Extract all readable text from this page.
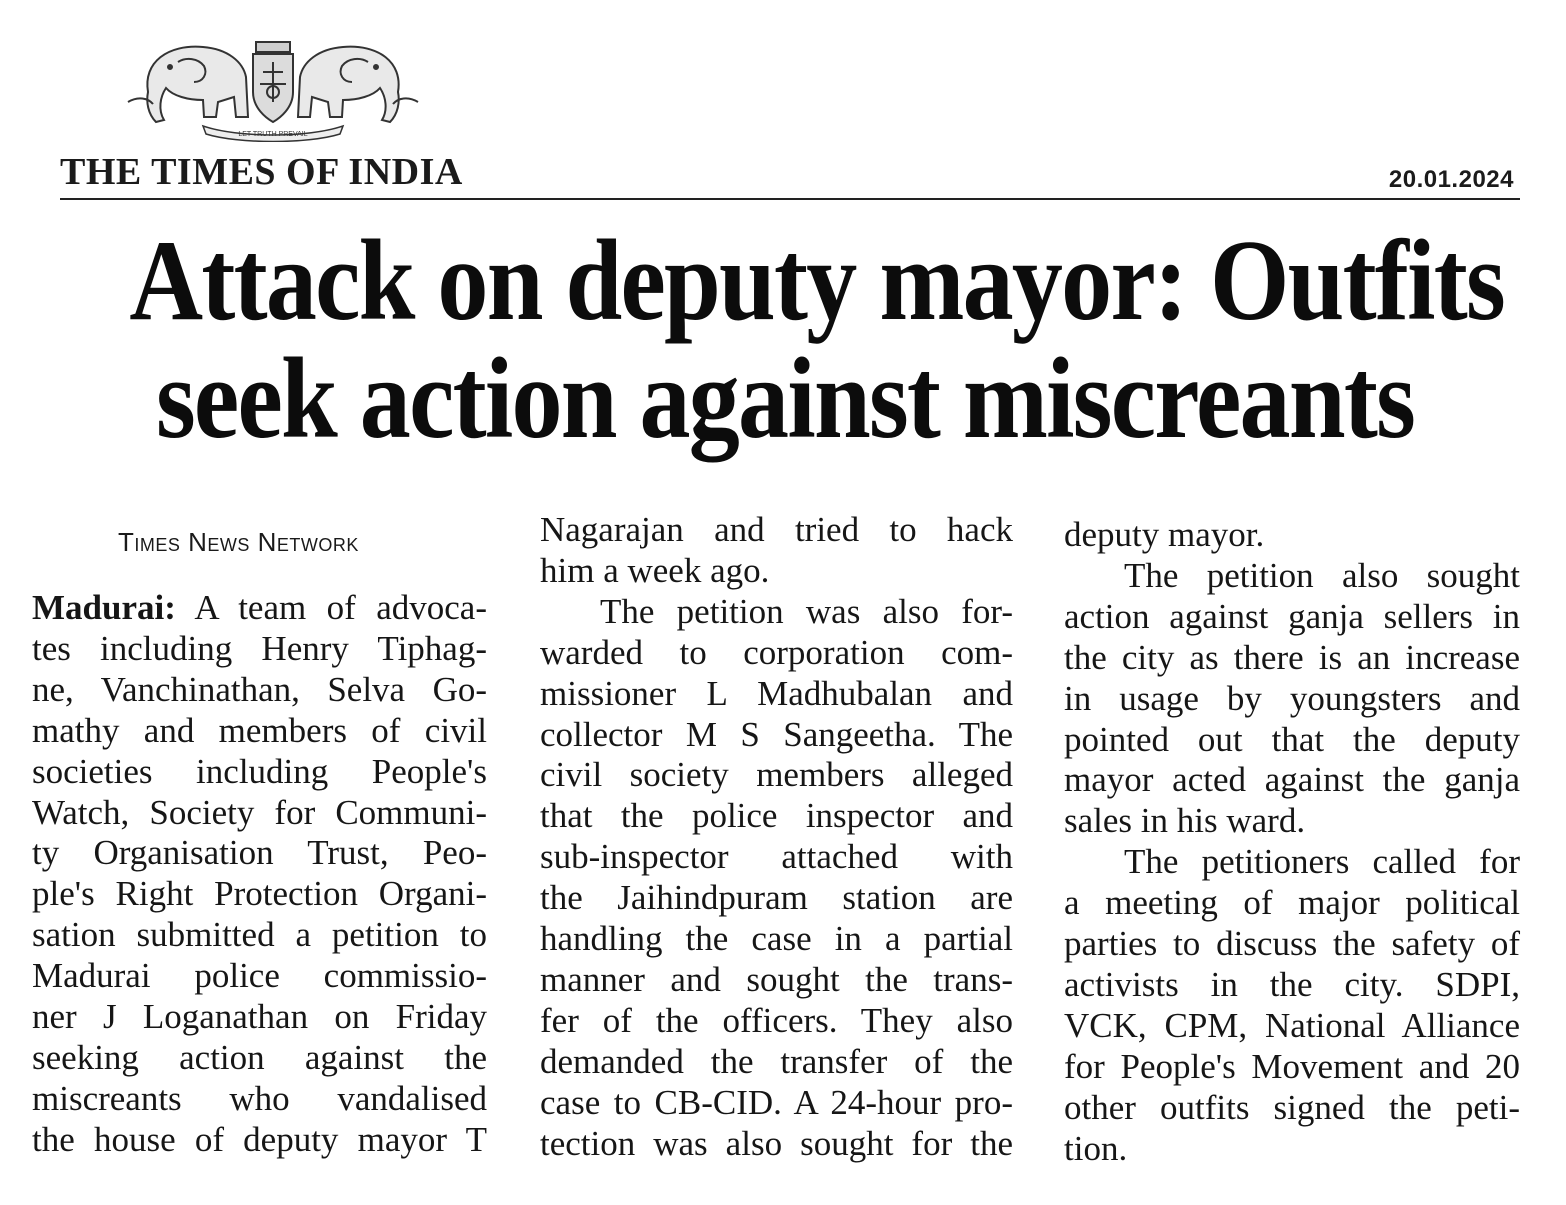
LET TRUTH PREVAIL
THE TIMES OF INDIA	20.01.2024
Attack on deputy mayor: Outfits
seek action against miscreants
Times News Network
Madurai: A team of advoca-
tes including Henry Tiphag-
ne, Vanchinathan, Selva Go-
mathy and members of civil
societies including People's
Watch, Society for Communi-
ty Organisation Trust, Peo-
ple's Right Protection Organi-
sation submitted a petition to
Madurai police commissio-
ner J Loganathan on Friday
seeking action against the
miscreants who vandalised
the house of deputy mayor T
Nagarajan and tried to hack
him a week ago.
The petition was also for-
warded to corporation com-
missioner L Madhubalan and
collector M S Sangeetha. The
civil society members alleged
that the police inspector and
sub-inspector attached with
the Jaihindpuram station are
handling the case in a partial
manner and sought the trans-
fer of the officers. They also
demanded the transfer of the
case to CB-CID. A 24-hour pro-
tection was also sought for the
deputy mayor.
The petition also sought
action against ganja sellers in
the city as there is an increase
in usage by youngsters and
pointed out that the deputy
mayor acted against the ganja
sales in his ward.
The petitioners called for
a meeting of major political
parties to discuss the safety of
activists in the city. SDPI,
VCK, CPM, National Alliance
for People's Movement and 20
other outfits signed the peti-
tion.
